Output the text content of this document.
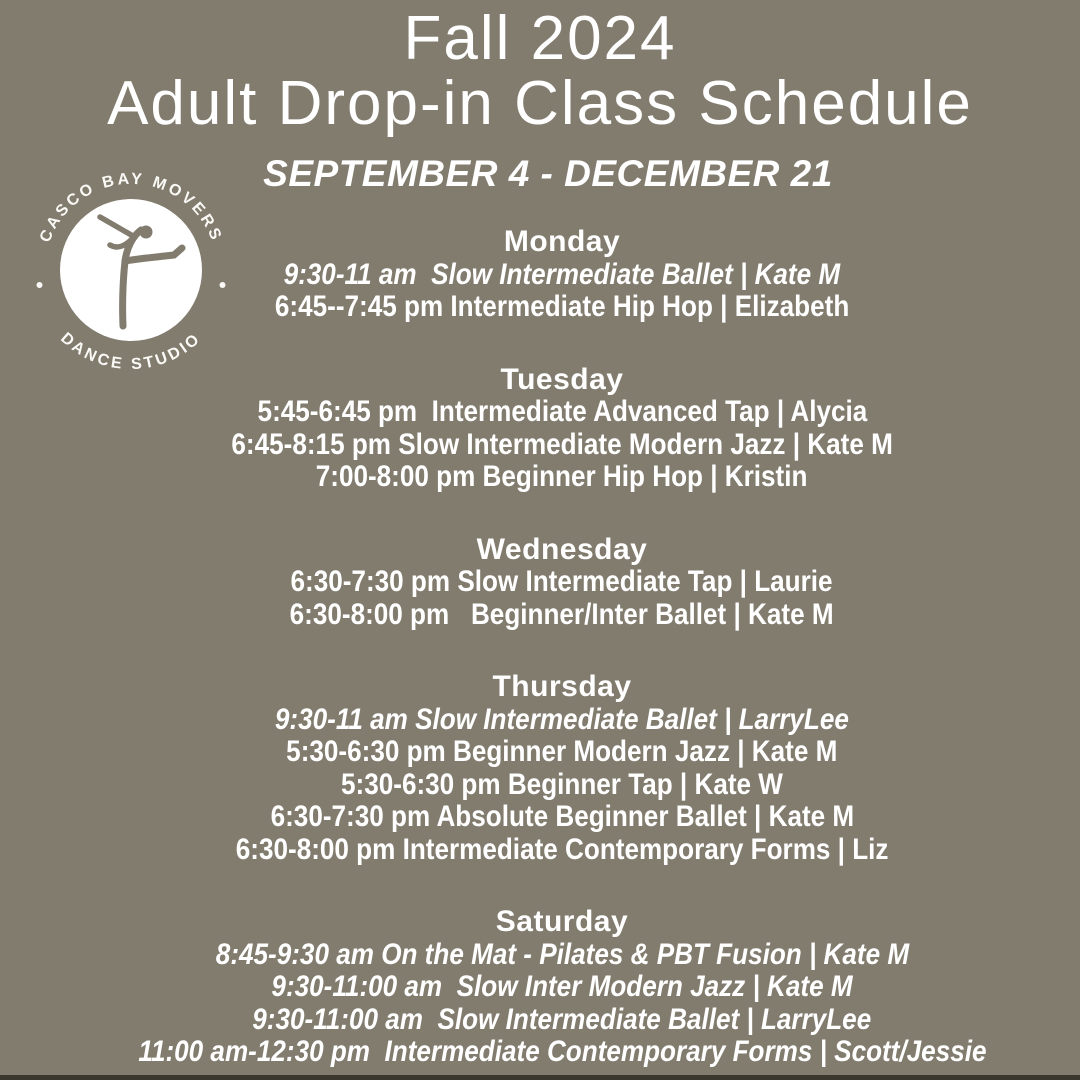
Fall 2024
Adult Drop-in Class Schedule
SEPTEMBER 4 - DECEMBER 21
CASCO BAY MOVERS
DANCE STUDIO
Monday

9:30-11 am  Slow Intermediate Ballet | Kate M

6:45--7:45 pm Intermediate Hip Hop | Elizabeth

Tuesday

5:45-6:45 pm  Intermediate Advanced Tap | Alycia

6:45-8:15 pm Slow Intermediate Modern Jazz | Kate M

7:00-8:00 pm Beginner Hip Hop | Kristin

Wednesday

6:30-7:30 pm Slow Intermediate Tap | Laurie

6:30-8:00 pm   Beginner/Inter Ballet | Kate M

Thursday

9:30-11 am Slow Intermediate Ballet | LarryLee

5:30-6:30 pm Beginner Modern Jazz | Kate M

5:30-6:30 pm Beginner Tap | Kate W

6:30-7:30 pm Absolute Beginner Ballet | Kate M

6:30-8:00 pm Intermediate Contemporary Forms | Liz

Saturday

8:45-9:30 am On the Mat - Pilates & PBT Fusion | Kate M

9:30-11:00 am  Slow Inter Modern Jazz | Kate M

9:30-11:00 am  Slow Intermediate Ballet | LarryLee

11:00 am-12:30 pm  Intermediate Contemporary Forms | Scott/Jessie
